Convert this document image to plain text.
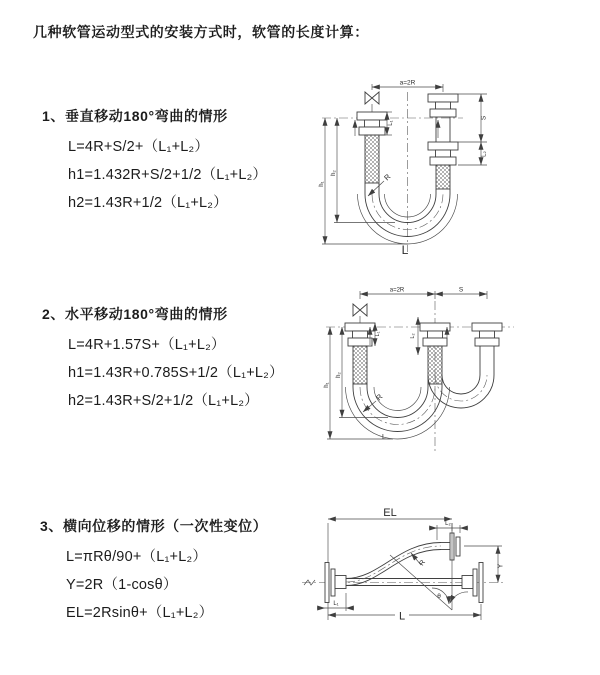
几种软管运动型式的安装方式时，软管的长度计算：
1、垂直移动180°弯曲的情形
L=4R+S/2+（L₁+L₂）
h1=1.432R+S/2+1/2（L₁+L₂）
h2=1.43R+1/2（L₁+L₂）
a=2R
L₁
S
L₂
h₁
h₂	R
L
2、水平移动180°弯曲的情形
L=4R+1.57S+（L₁+L₂）
h1=1.43R+0.785S+1/2（L₁+L₂）
h2=1.43R+S/2+1/2（L₁+L₂）
a=2R	S
L₁	L₂
h₁
h₂
R
L
3、横向位移的情形（一次性变位）
L=πRθ/90+（L₁+L₂）
Y=2R（1-cosθ）
EL=2Rsinθ+（L₁+L₂）
EL
L₂
Y
θ
R
L₁
L
